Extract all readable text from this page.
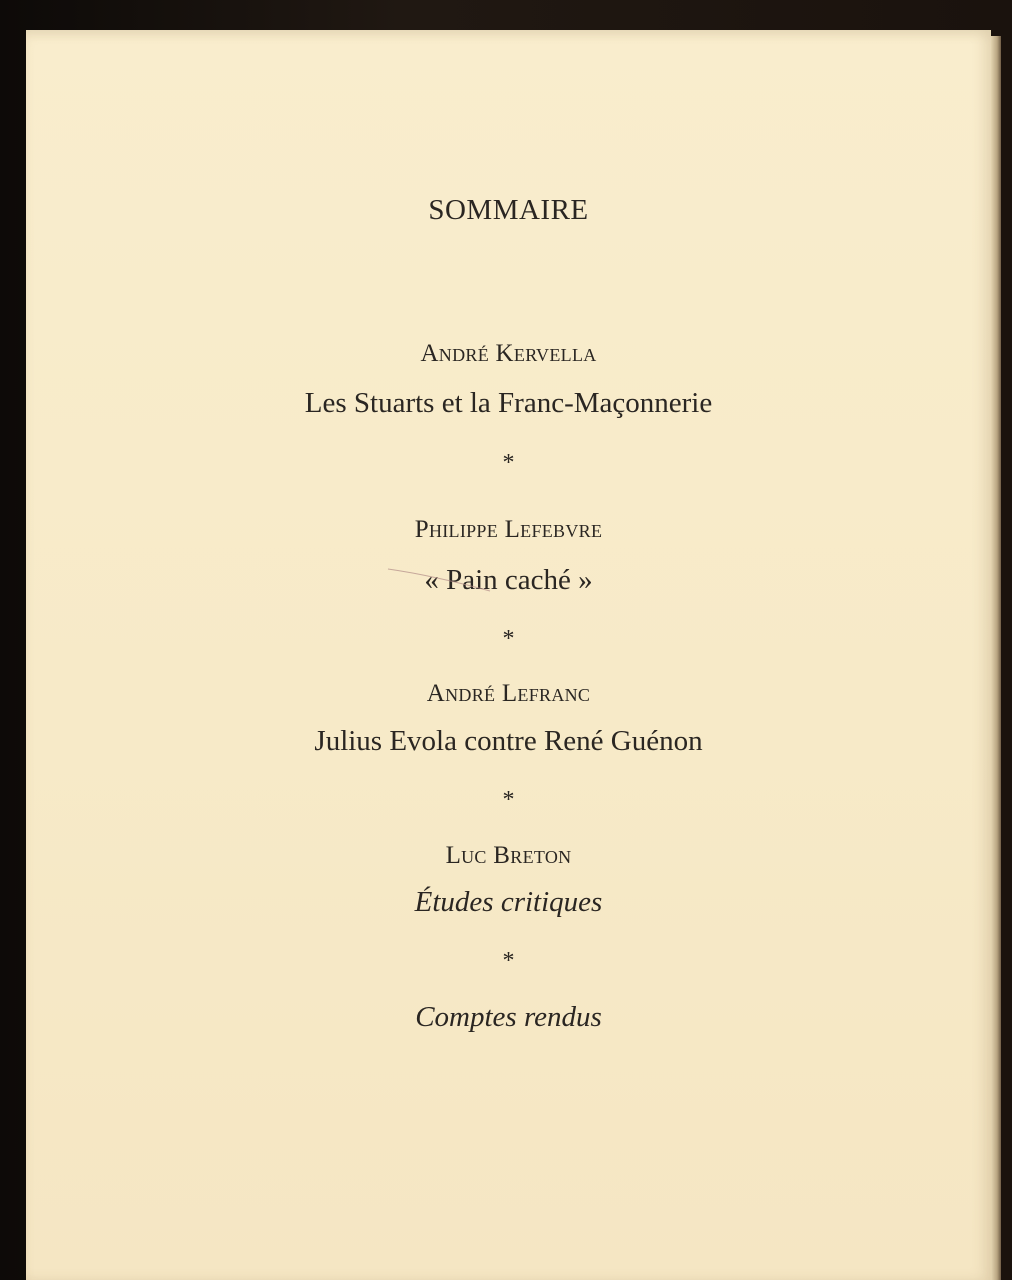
SOMMAIRE
André Kervella
Les Stuarts et la Franc-Maçonnerie
*
Philippe Lefebvre
« Pain caché »
*
André Lefranc
Julius Evola contre René Guénon
*
Luc Breton
Études critiques
*
Comptes rendus
